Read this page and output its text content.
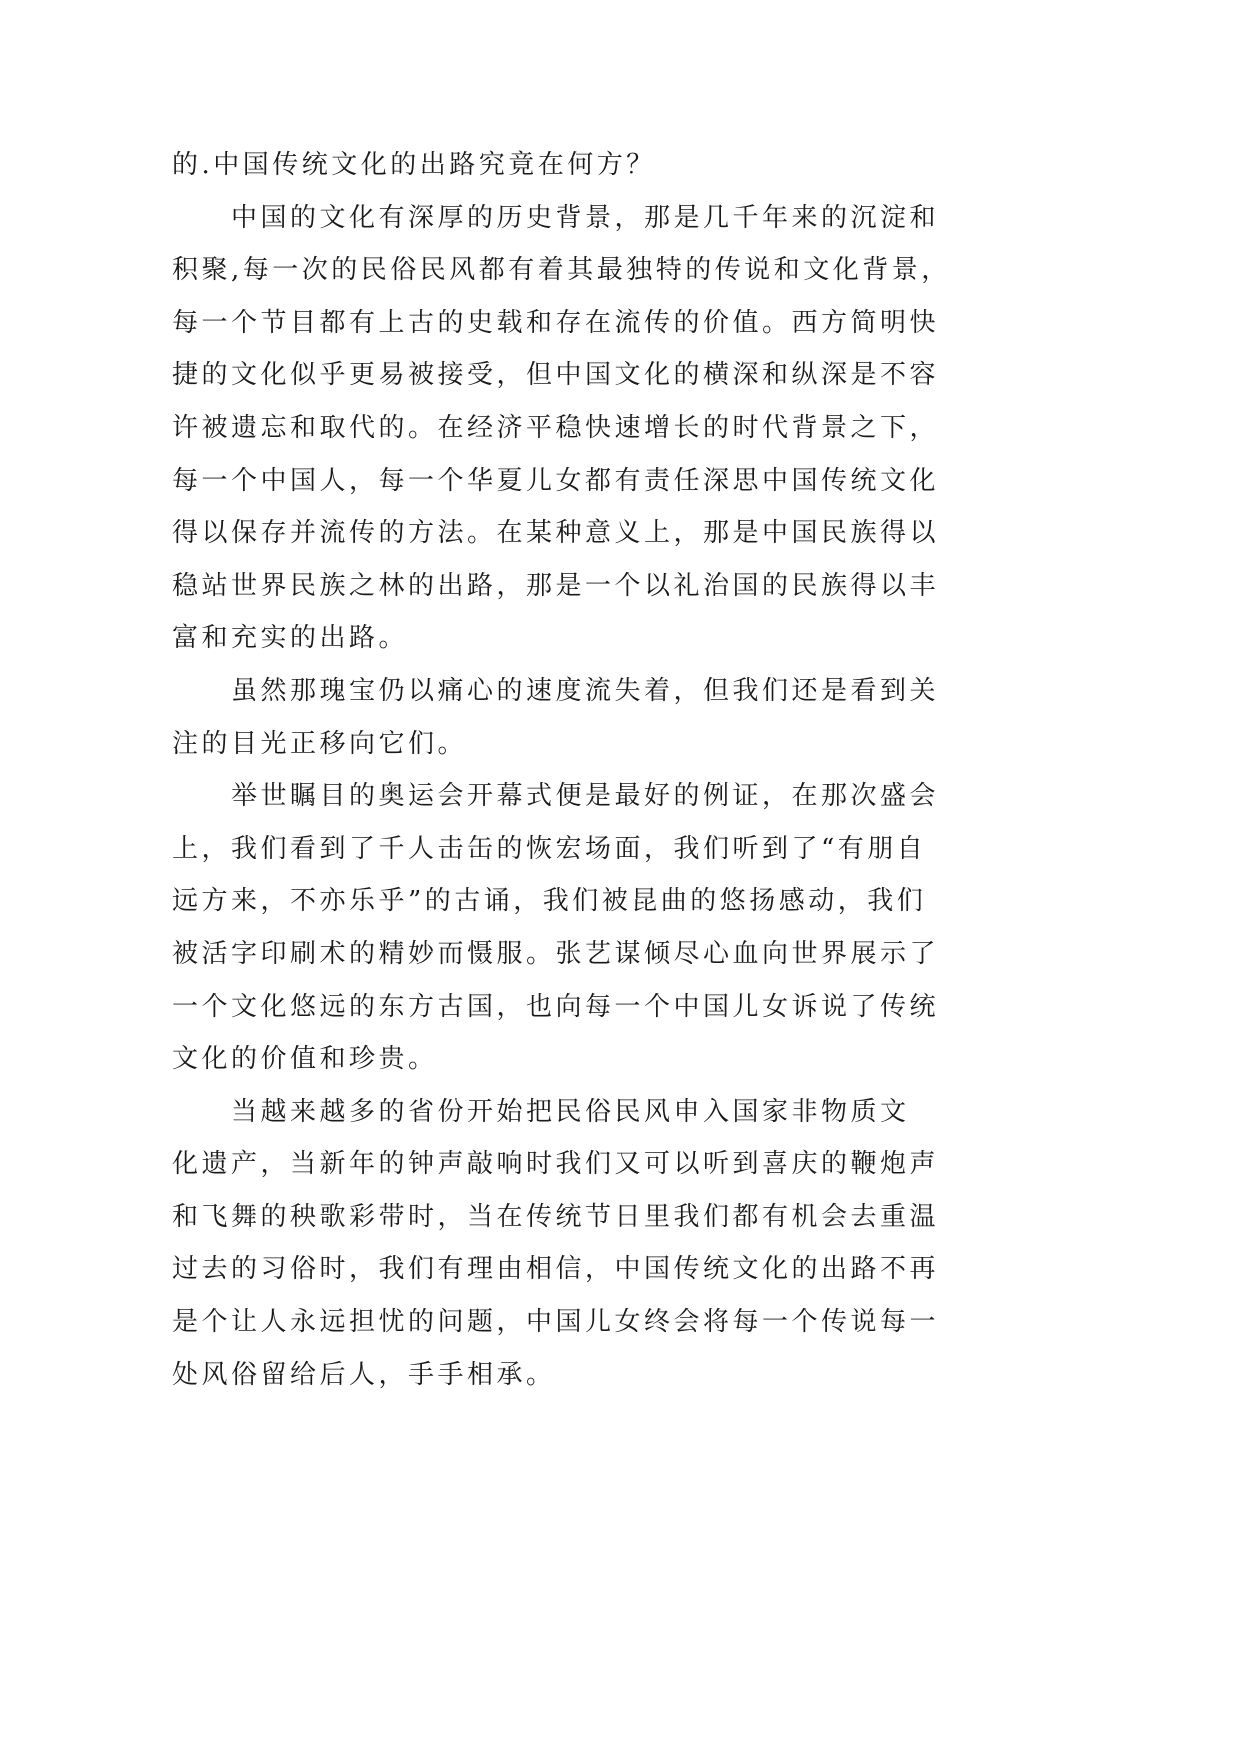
的.中国传统文化的出路究竟在何方？
中国的文化有深厚的历史背景，那是几千年来的沉淀和
积聚,每一次的民俗民风都有着其最独特的传说和文化背景，
每一个节目都有上古的史载和存在流传的价值。西方简明快
捷的文化似乎更易被接受，但中国文化的横深和纵深是不容
许被遗忘和取代的。在经济平稳快速增长的时代背景之下，
每一个中国人，每一个华夏儿女都有责任深思中国传统文化
得以保存并流传的方法。在某种意义上，那是中国民族得以
稳站世界民族之林的出路，那是一个以礼治国的民族得以丰
富和充实的出路。
虽然那瑰宝仍以痛心的速度流失着，但我们还是看到关
注的目光正移向它们。
举世瞩目的奥运会开幕式便是最好的例证，在那次盛会
上，我们看到了千人击缶的恢宏场面，我们听到了“有朋自
远方来，不亦乐乎”的古诵，我们被昆曲的悠扬感动，我们
被活字印刷术的精妙而慑服。张艺谋倾尽心血向世界展示了
一个文化悠远的东方古国，也向每一个中国儿女诉说了传统
文化的价值和珍贵。
当越来越多的省份开始把民俗民风申入国家非物质文
化遗产，当新年的钟声敲响时我们又可以听到喜庆的鞭炮声
和飞舞的秧歌彩带时，当在传统节日里我们都有机会去重温
过去的习俗时，我们有理由相信，中国传统文化的出路不再
是个让人永远担忧的问题，中国儿女终会将每一个传说每一
处风俗留给后人，手手相承。
